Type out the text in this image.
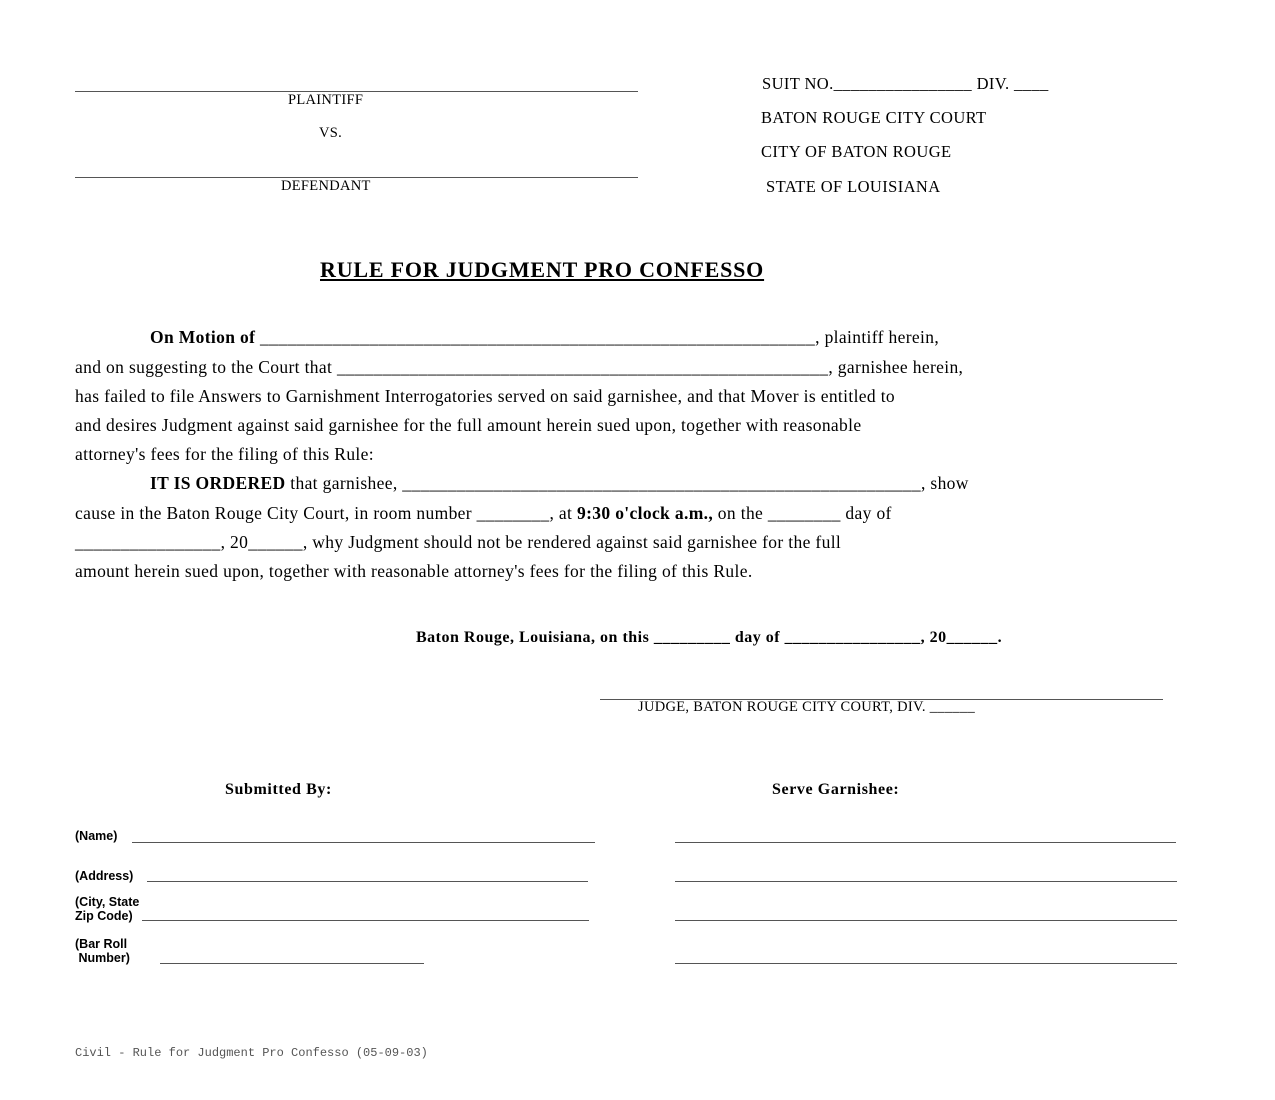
PLAINTIFF
VS.
DEFENDANT
SUIT NO.________________ DIV. ____
BATON ROUGE CITY COURT
CITY OF BATON ROUGE
STATE OF LOUISIANA
RULE FOR JUDGMENT PRO CONFESSO
On Motion of _____________________________________________________________, plaintiff herein,
and on suggesting to the Court that ______________________________________________________, garnishee herein,
has failed to file Answers to Garnishment Interrogatories served on said garnishee, and that Mover is entitled to
and desires Judgment against said garnishee for the full amount herein sued upon, together with reasonable
attorney's fees for the filing of this Rule:
IT IS ORDERED that garnishee, _________________________________________________________, show
cause in the Baton Rouge City Court, in room number ________, at 9:30 o'clock a.m., on the ________ day of
________________, 20______, why Judgment should not be rendered against said garnishee for the full
amount herein sued upon, together with reasonable attorney's fees for the filing of this Rule.
Baton Rouge, Louisiana, on this _________ day of ________________, 20______.
JUDGE, BATON ROUGE CITY COURT, DIV. ______
Submitted By:
(Name)
(Address)
(City, State
Zip Code)
(Bar Roll
Number)
Serve Garnishee:
Civil - Rule for Judgment Pro Confesso (05-09-03)
